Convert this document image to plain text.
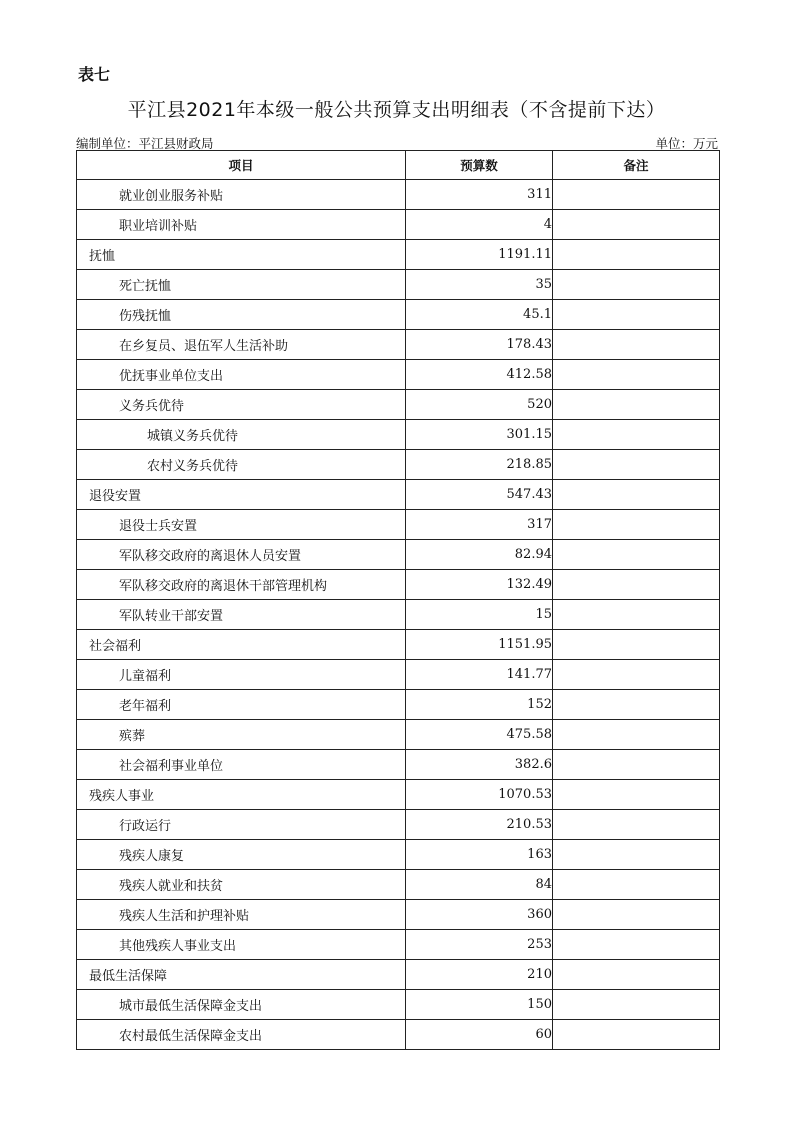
表七
平江县2021年本级一般公共预算支出明细表（不含提前下达）
编制单位：平江县财政局	单位：万元
项目	预算数	备注
就业创业服务补贴	311	
职业培训补贴	4	
抚恤	1191.11	
死亡抚恤	35	
伤残抚恤	45.1	
在乡复员、退伍军人生活补助	178.43	
优抚事业单位支出	412.58	
义务兵优待	520	
城镇义务兵优待	301.15	
农村义务兵优待	218.85	
退役安置	547.43	
退役士兵安置	317	
军队移交政府的离退休人员安置	82.94	
军队移交政府的离退休干部管理机构	132.49	
军队转业干部安置	15	
社会福利	1151.95	
儿童福利	141.77	
老年福利	152	
殡葬	475.58	
社会福利事业单位	382.6	
残疾人事业	1070.53	
行政运行	210.53	
残疾人康复	163	
残疾人就业和扶贫	84	
残疾人生活和护理补贴	360	
其他残疾人事业支出	253	
最低生活保障	210	
城市最低生活保障金支出	150	
农村最低生活保障金支出	60	
